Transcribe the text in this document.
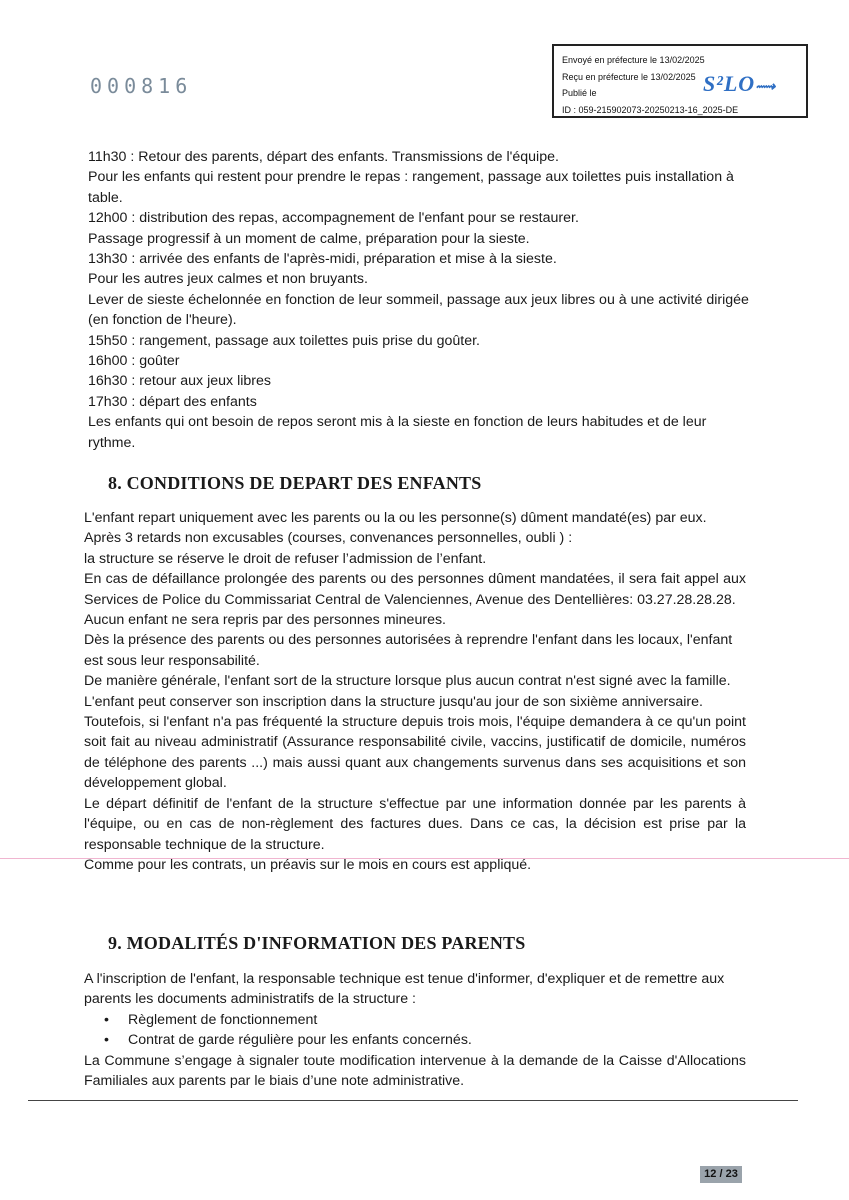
000816
Envoyé en préfecture le 13/02/2025
Reçu en préfecture le 13/02/2025
Publié le
ID : 059-215902073-20250213-16_2025-DE
S²LO⟿

11h30 : Retour des parents, départ des enfants. Transmissions de l'équipe.

Pour les enfants qui restent pour prendre le repas : rangement, passage aux toilettes puis installation à table.

12h00 : distribution des repas, accompagnement de l'enfant pour se restaurer.

Passage progressif à un moment de calme, préparation pour la sieste.

13h30 : arrivée des enfants de l'après-midi, préparation et mise à la sieste.

Pour les autres jeux calmes et non bruyants.

Lever de sieste échelonnée en fonction de leur sommeil, passage aux jeux libres ou à une activité dirigée (en fonction de l'heure).

15h50 : rangement, passage aux toilettes puis prise du goûter.

16h00 : goûter

16h30 : retour aux jeux libres

17h30 : départ des enfants

Les enfants qui ont besoin de repos seront mis à la sieste en fonction de leurs habitudes et de leur rythme.

8. CONDITIONS DE DEPART DES ENFANTS

L'enfant repart uniquement avec les parents ou la ou les personne(s) dûment mandaté(es) par eux.

Après 3 retards non excusables (courses, convenances personnelles, oubli ) :

la structure se réserve le droit de refuser l’admission de l’enfant.

En cas de défaillance prolongée des parents ou des personnes dûment mandatées, il sera fait appel aux Services de Police du Commissariat Central de Valenciennes, Avenue des Dentellières: 03.27.28.28.28.

Aucun enfant ne sera repris par des personnes mineures.

Dès la présence des parents ou des personnes autorisées à reprendre l'enfant dans les locaux, l'enfant est sous leur responsabilité.

De manière générale, l'enfant sort de la structure lorsque plus aucun contrat n'est signé avec la famille.

L'enfant peut conserver son inscription dans la structure jusqu'au jour de son sixième anniversaire.

Toutefois, si l'enfant n'a pas fréquenté la structure depuis trois mois, l'équipe demandera à ce qu'un point soit fait au niveau administratif (Assurance responsabilité civile, vaccins, justificatif de domicile, numéros de téléphone des parents ...) mais aussi quant aux changements survenus dans ses acquisitions et son développement global.

Le départ définitif de l'enfant de la structure s'effectue par une information donnée par les parents à l'équipe, ou en cas de non-règlement des factures dues. Dans ce cas, la décision est prise par la responsable technique de la structure.

Comme pour les contrats, un préavis sur le mois en cours est appliqué.

9. MODALITÉS D'INFORMATION DES PARENTS

A l'inscription de l'enfant, la responsable technique est tenue d'informer, d'expliquer et de remettre aux parents les documents administratifs de la structure :

• Règlement de fonctionnement
• Contrat de garde régulière pour les enfants concernés.

La Commune s’engage à signaler toute modification intervenue à la demande de la Caisse d'Allocations Familiales aux parents par le biais d’une note administrative.

12 / 23
